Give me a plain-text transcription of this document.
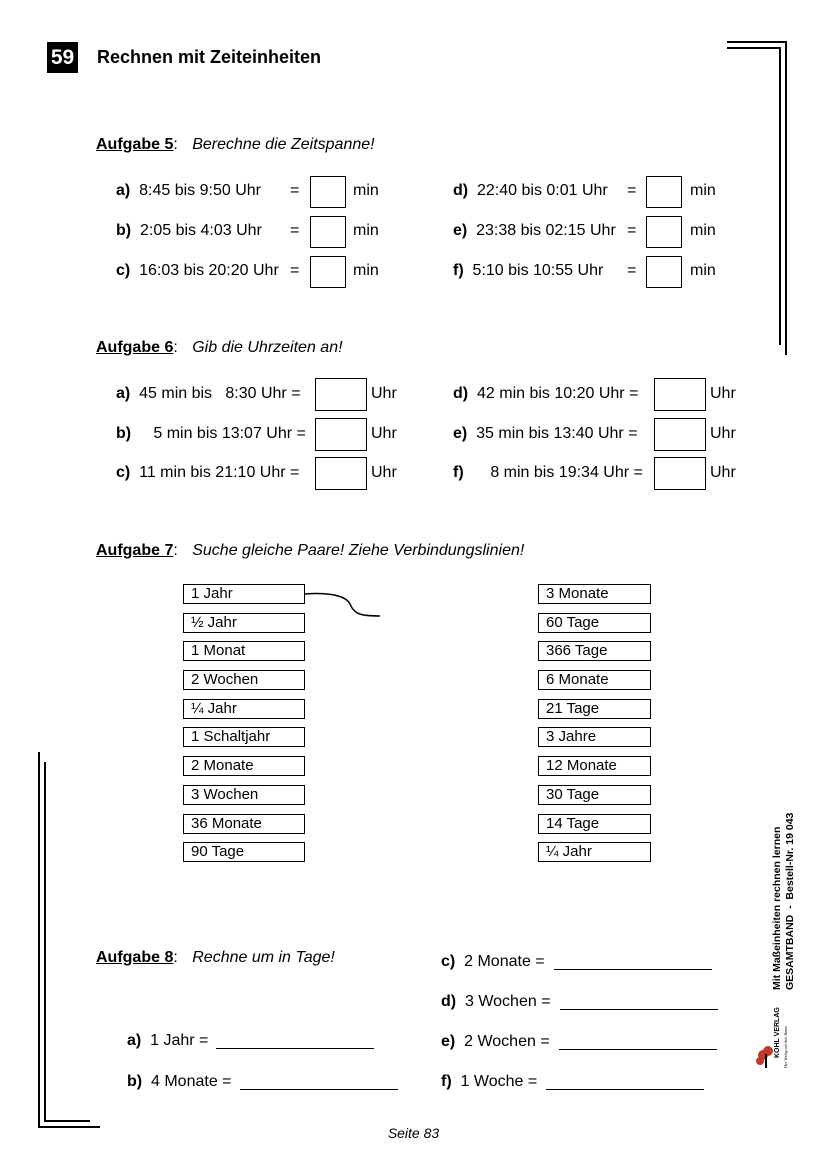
59 Rechnen mit Zeiteinheiten
Aufgabe 5: Berechne die Zeitspanne!
a) 8:45 bis 9:50 Uhr =	min
b) 2:05 bis 4:03 Uhr =	min
c) 16:03 bis 20:20 Uhr =	min
d) 22:40 bis 0:01 Uhr =	min
e) 23:38 bis 02:15 Uhr =	min
f) 5:10 bis 10:55 Uhr =	min
Aufgabe 6: Gib die Uhrzeiten an!
a) 45 min bis   8:30 Uhr =	Uhr
b)     5 min bis 13:07 Uhr =	Uhr
c) 11 min bis 21:10 Uhr =	Uhr
d) 42 min bis 10:20 Uhr =	Uhr
e) 35 min bis 13:40 Uhr =	Uhr
f)      8 min bis 19:34 Uhr =	Uhr
Aufgabe 7: Suche gleiche Paare! Ziehe Verbindungslinien!
1 Jahr
½ Jahr
1 Monat
2 Wochen
¼ Jahr
1 Schaltjahr
2 Monate
3 Wochen
36 Monate
90 Tage
3 Monate
60 Tage
366 Tage
6 Monate
21 Tage
3 Jahre
12 Monate
30 Tage
14 Tage
¼ Jahr
Aufgabe 8: Rechne um in Tage!
a) 1 Jahr =
b) 4 Monate =
c) 2 Monate =
d) 3 Wochen =
e) 2 Wochen =
f) 1 Woche =
Mit Maßeinheiten rechnen lernen GESAMTBAND  -  Bestell-Nr. 19 043
KOHL VERLAG Der Verlag mit dem Baum
Seite 83
